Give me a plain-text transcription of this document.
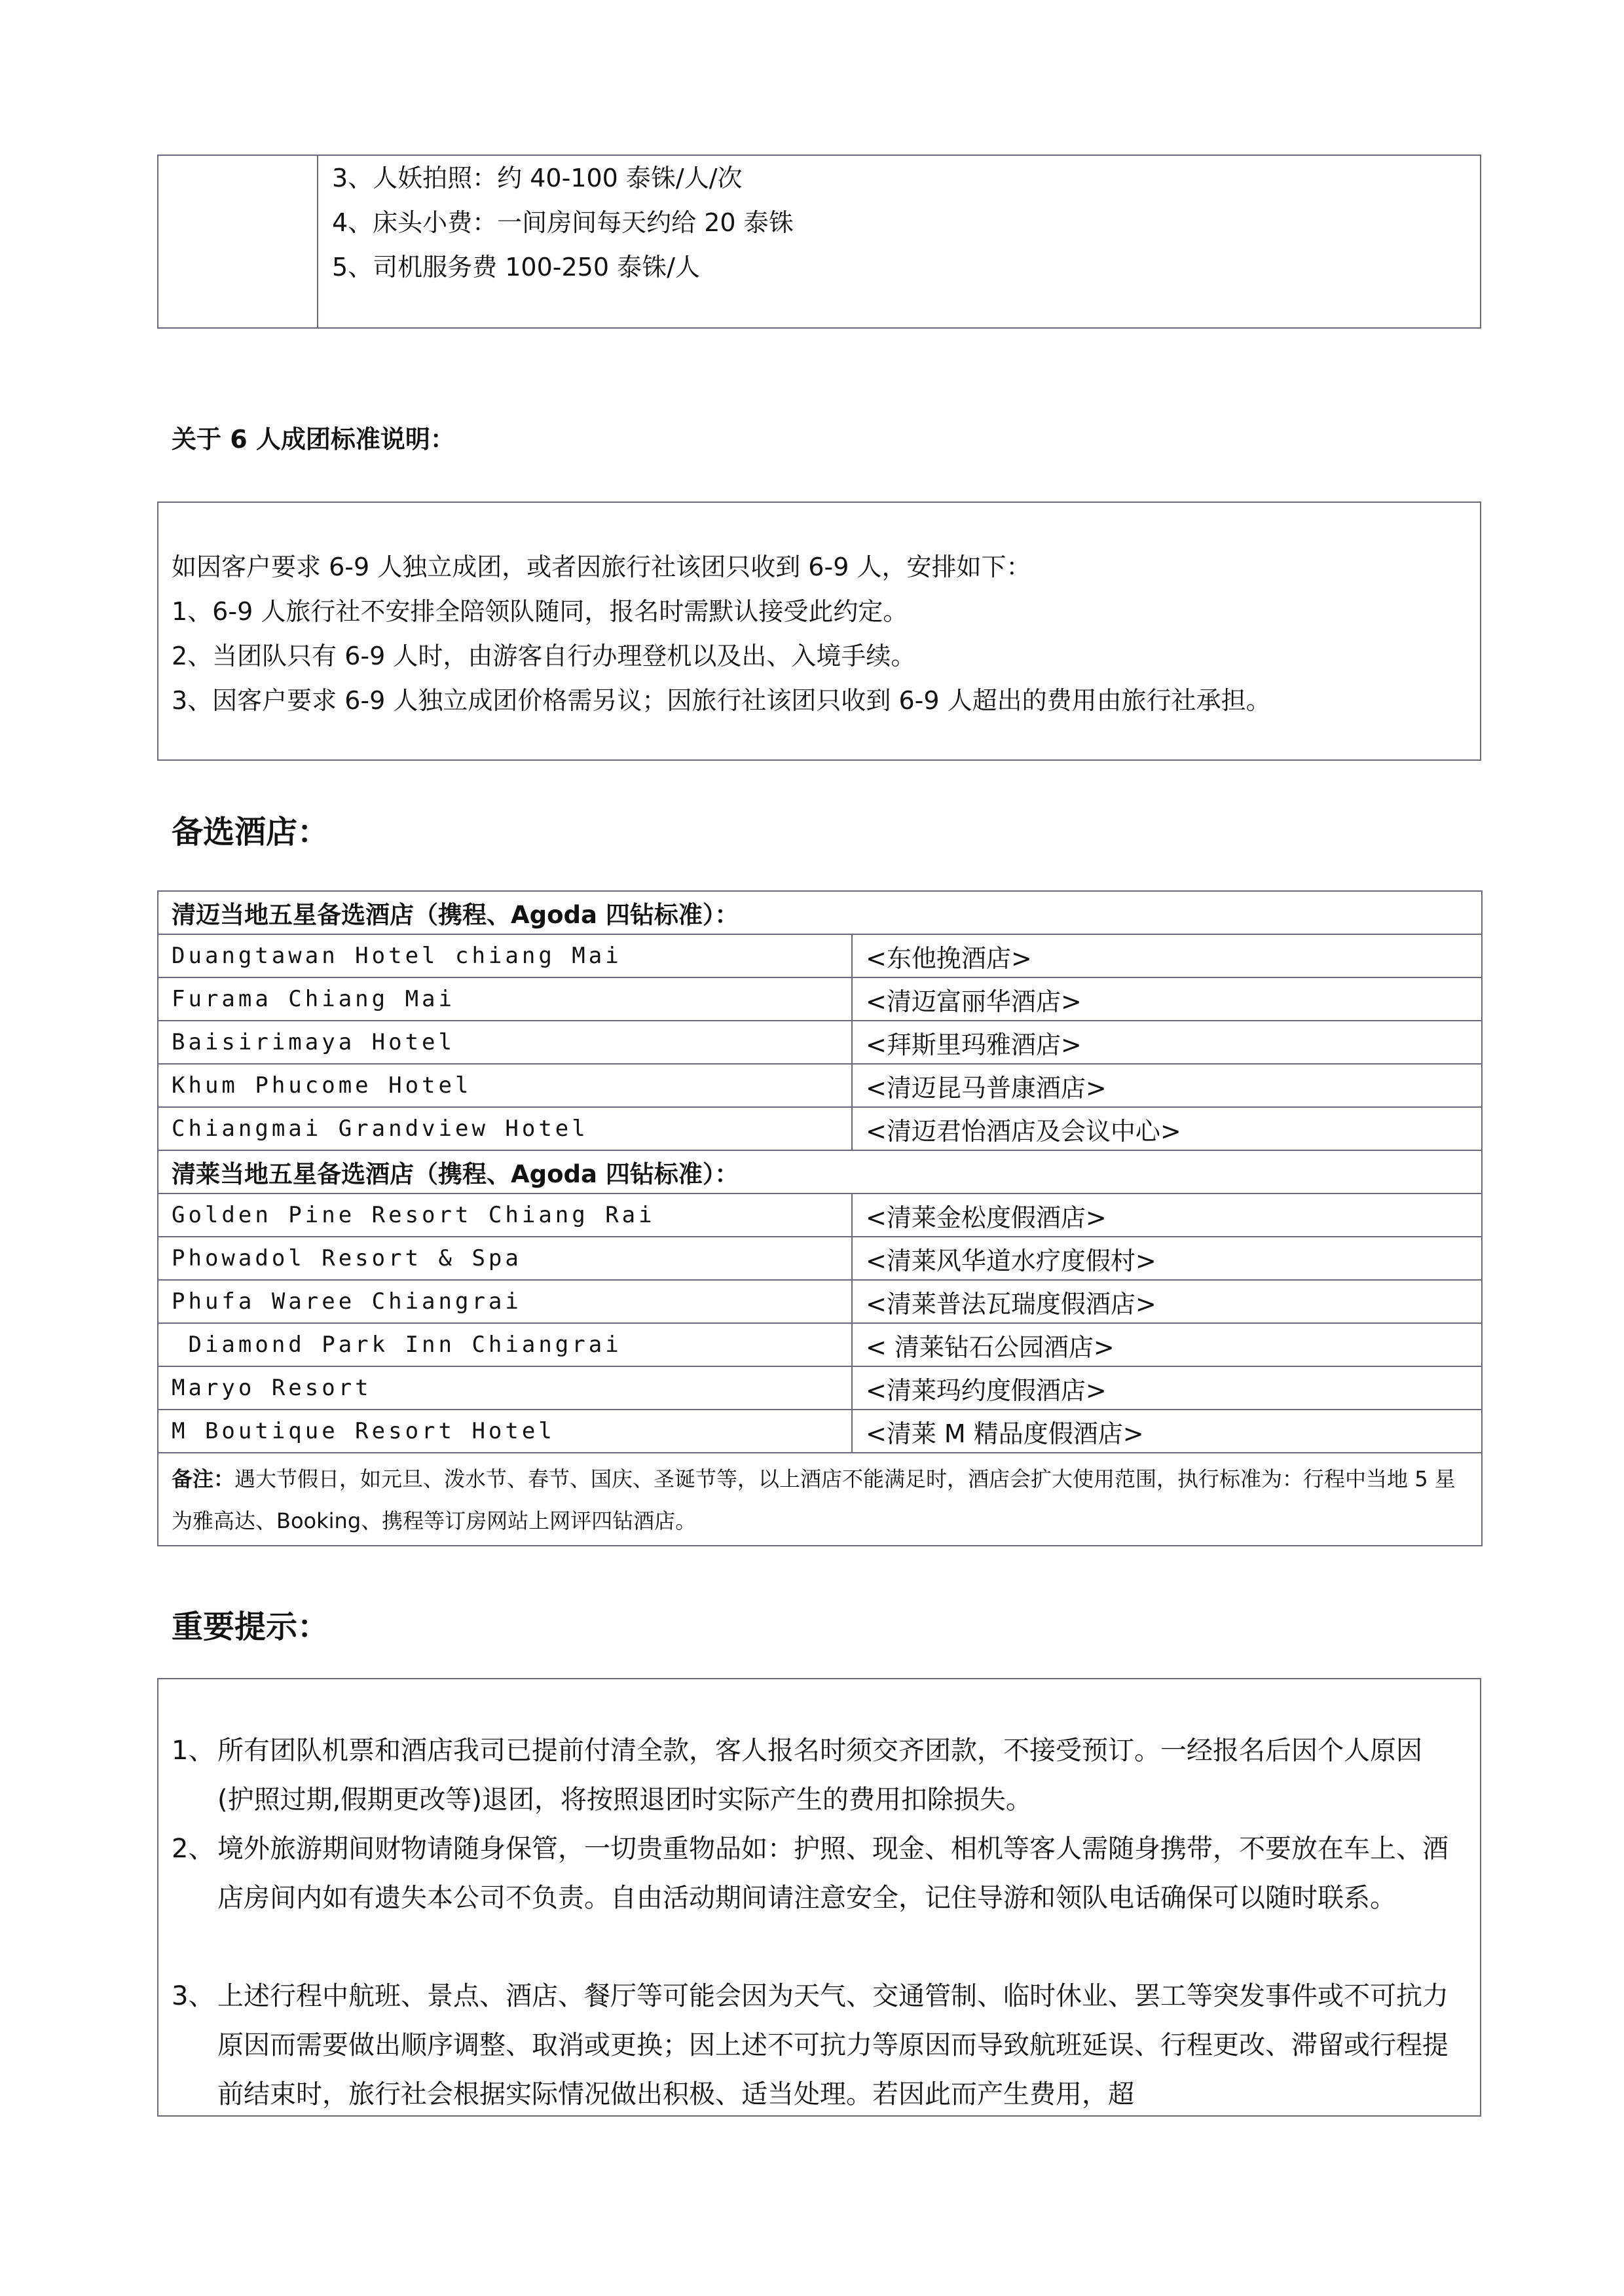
3、人妖拍照：约 40-100 泰铢/人/次
4、床头小费：一间房间每天约给 20 泰铢
5、司机服务费 100-250 泰铢/人
关于 6 人成团标准说明：
如因客户要求 6-9 人独立成团，或者因旅行社该团只收到 6-9 人，安排如下：
1、6-9 人旅行社不安排全陪领队随同，报名时需默认接受此约定。
2、当团队只有 6-9 人时，由游客自行办理登机以及出、入境手续。
3、因客户要求 6-9 人独立成团价格需另议；因旅行社该团只收到 6-9 人超出的费用由旅行社承担。
备选酒店：
清迈当地五星备选酒店（携程、Agoda 四钻标准）：	
Duangtawan Hotel chiang Mai	<东他挽酒店>
Furama Chiang Mai	<清迈富丽华酒店>
Baisirimaya Hotel	<拜斯里玛雅酒店>
Khum Phucome Hotel	<清迈昆马普康酒店>
Chiangmai Grandview Hotel	<清迈君怡酒店及会议中心>
清莱当地五星备选酒店（携程、Agoda 四钻标准）：	
Golden Pine Resort Chiang Rai	<清莱金松度假酒店>
Phowadol Resort & Spa	<清莱风华道水疗度假村>
Phufa Waree Chiangrai	<清莱普法瓦瑞度假酒店>
Diamond Park Inn Chiangrai	< 清莱钻石公园酒店>
Maryo Resort	<清莱玛约度假酒店>
M Boutique Resort Hotel	<清莱 M 精品度假酒店>
备注：遇大节假日，如元旦、泼水节、春节、国庆、圣诞节等，以上酒店不能满足时，酒店会扩大使用范围，执行标准为：行程中当地 5 星为雅高达、Booking、携程等订房网站上网评四钻酒店。	
重要提示：
1、 所有团队机票和酒店我司已提前付清全款，客人报名时须交齐团款，不接受预订。一经报名后因个人原因(护照过期,假期更改等)退团，将按照退团时实际产生的费用扣除损失。
2、 境外旅游期间财物请随身保管，一切贵重物品如：护照、现金、相机等客人需随身携带，不要放在车上、酒店房间内如有遗失本公司不负责。自由活动期间请注意安全，记住导游和领队电话确保可以随时联系。
3、 上述行程中航班、景点、酒店、餐厅等可能会因为天气、交通管制、临时休业、罢工等突发事件或不可抗力原因而需要做出顺序调整、取消或更换；因上述不可抗力等原因而导致航班延误、行程更改、滞留或行程提前结束时，旅行社会根据实际情况做出积极、适当处理。若因此而产生费用，超
